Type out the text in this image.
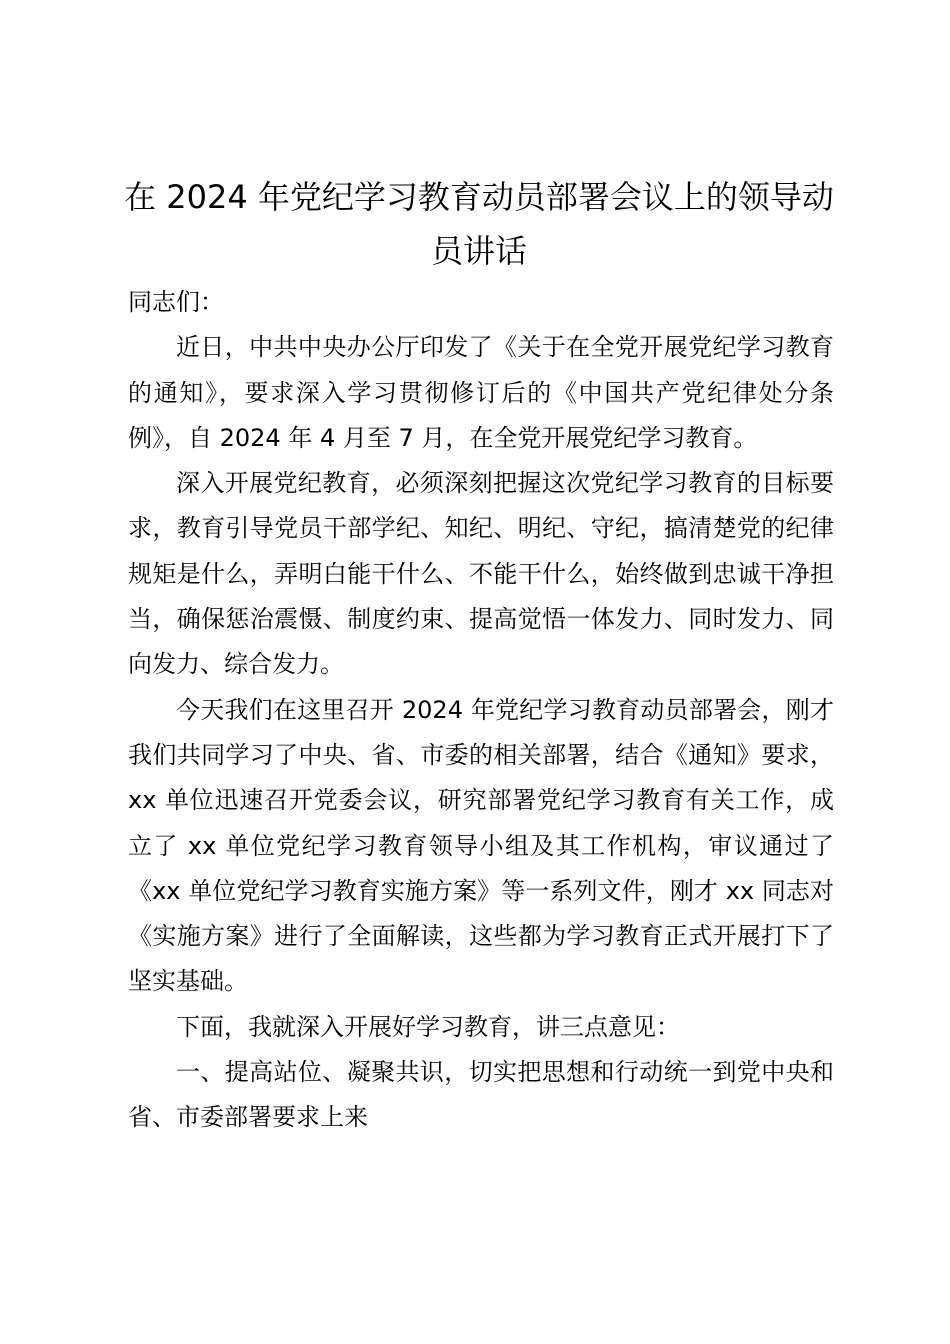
在 2024 年党纪学习教育动员部署会议上的领导动员讲话

同志们：

近日，中共中央办公厅印发了《关于在全党开展党纪学习教育的通知》，要求深入学习贯彻修订后的《中国共产党纪律处分条例》，自 2024 年 4 月至 7 月，在全党开展党纪学习教育。

深入开展党纪教育，必须深刻把握这次党纪学习教育的目标要求，教育引导党员干部学纪、知纪、明纪、守纪，搞清楚党的纪律规矩是什么，弄明白能干什么、不能干什么，始终做到忠诚干净担当，确保惩治震慑、制度约束、提高觉悟一体发力、同时发力、同向发力、综合发力。

今天我们在这里召开 2024 年党纪学习教育动员部署会，刚才我们共同学习了中央、省、市委的相关部署，结合《通知》要求，xx 单位迅速召开党委会议，研究部署党纪学习教育有关工作，成立了 xx 单位党纪学习教育领导小组及其工作机构，审议通过了《xx 单位党纪学习教育实施方案》等一系列文件，刚才 xx 同志对《实施方案》进行了全面解读，这些都为学习教育正式开展打下了坚实基础。

下面，我就深入开展好学习教育，讲三点意见：

一、提高站位、凝聚共识，切实把思想和行动统一到党中央和省、市委部署要求上来
